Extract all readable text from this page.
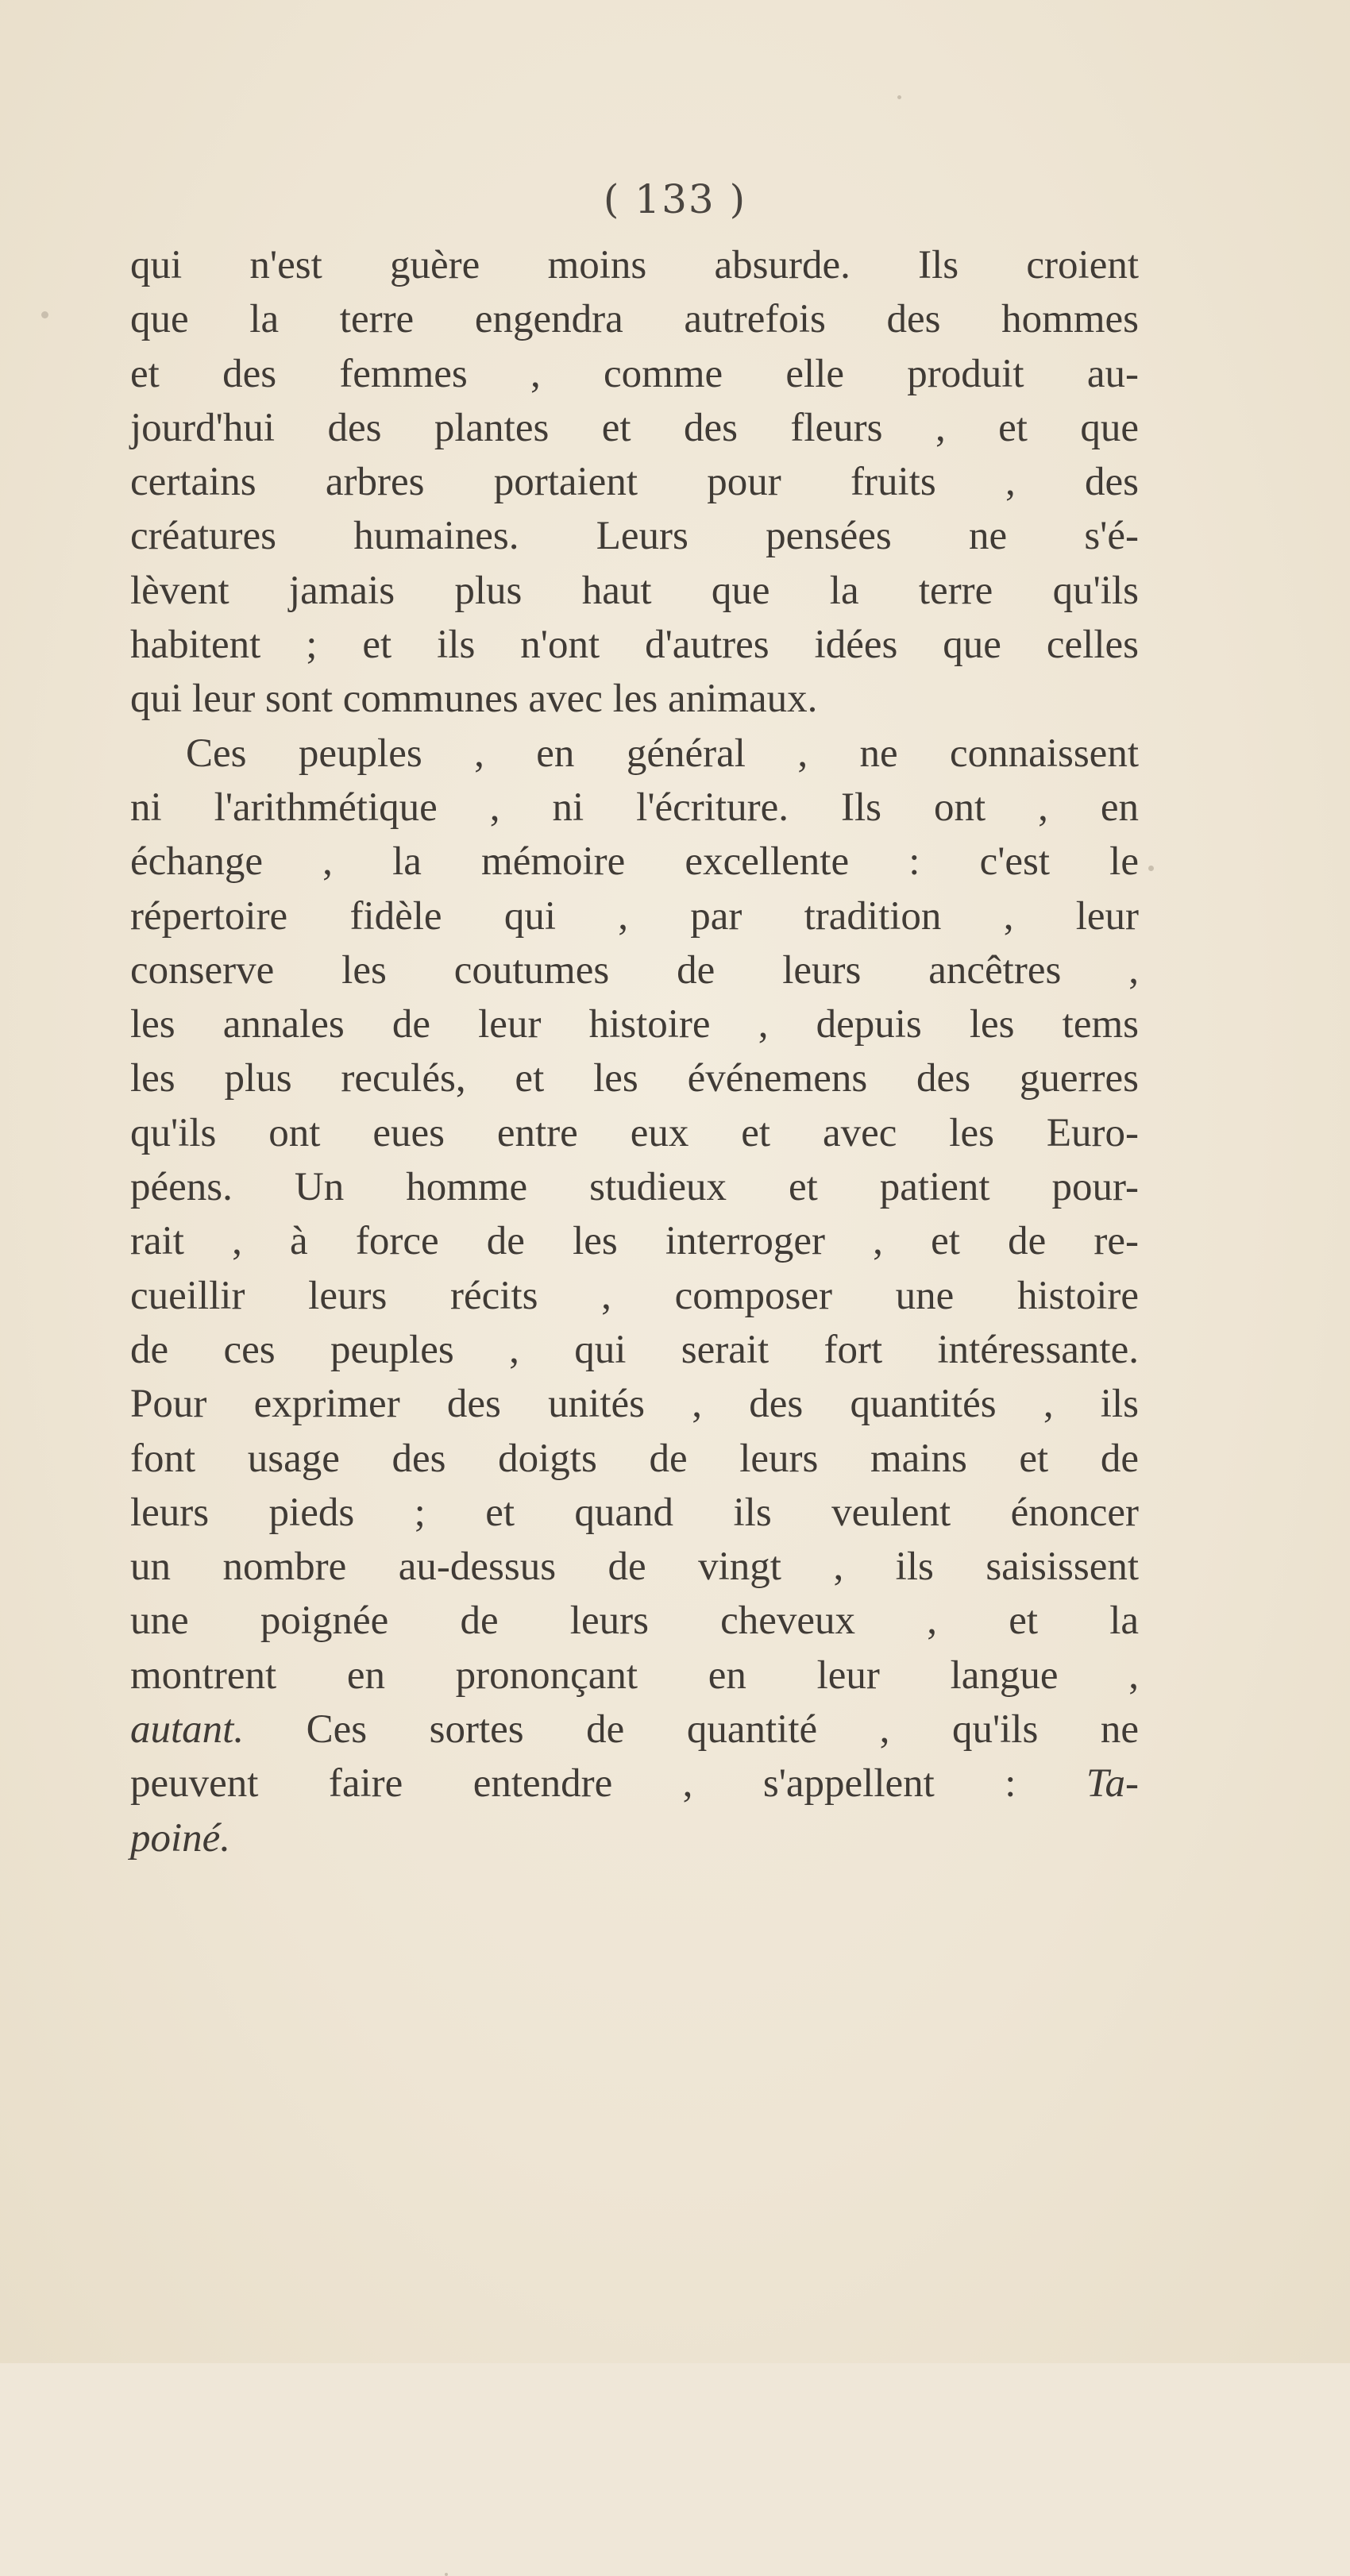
( 133 )
qui n'est guère moins absurde. Ils croient
que la terre engendra autrefois des hommes
et des femmes , comme elle produit au-
jourd'hui des plantes et des fleurs , et que
certains arbres portaient pour fruits , des
créatures humaines. Leurs pensées ne s'é-
lèvent jamais plus haut que la terre qu'ils
habitent ; et ils n'ont d'autres idées que celles
qui leur sont communes avec les animaux.
Ces peuples , en général , ne connaissent
ni l'arithmétique , ni l'écriture. Ils ont , en
échange , la mémoire excellente : c'est le
répertoire fidèle qui , par tradition , leur
conserve les coutumes de leurs ancêtres ,
les annales de leur histoire , depuis les tems
les plus reculés, et les événemens des guerres
qu'ils ont eues entre eux et avec les Euro-
péens. Un homme studieux et patient pour-
rait , à force de les interroger , et de re-
cueillir leurs récits , composer une histoire
de ces peuples , qui serait fort intéressante.
Pour exprimer des unités , des quantités , ils
font usage des doigts de leurs mains et de
leurs pieds ; et quand ils veulent énoncer
un nombre au-dessus de vingt , ils saisissent
une poignée de leurs cheveux , et la
montrent en prononçant en leur langue ,
autant. Ces sortes de quantité , qu'ils ne
peuvent faire entendre , s'appellent : Ta-
poiné.
